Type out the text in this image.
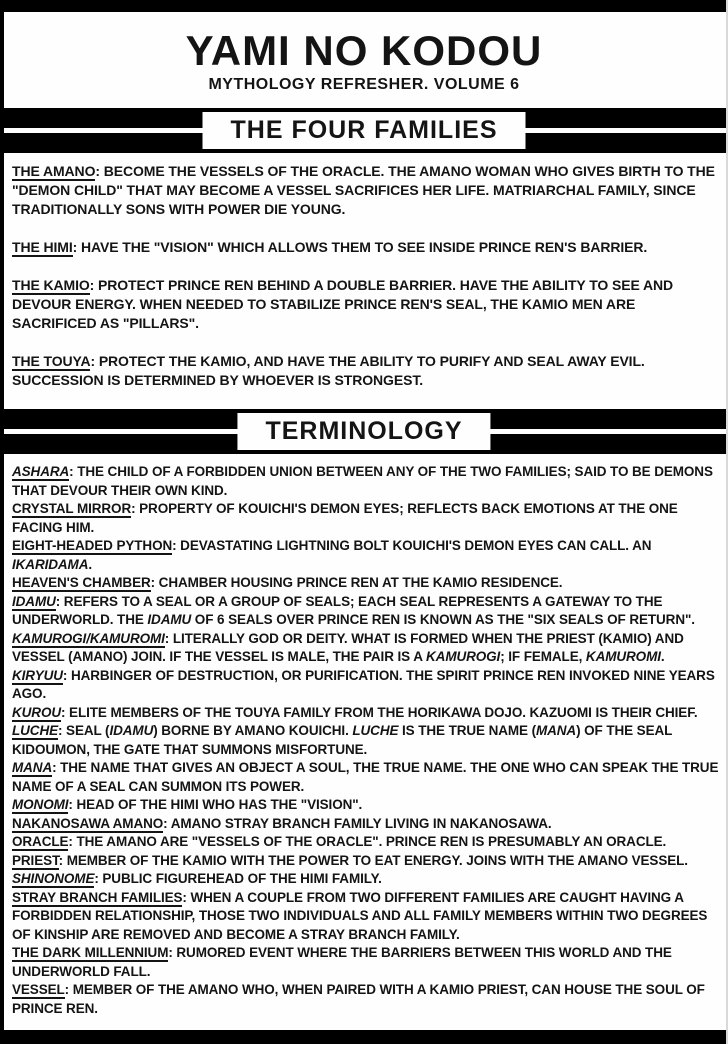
YAMI NO KODOU
MYTHOLOGY REFRESHER. VOLUME 6
THE FOUR FAMILIES

THE AMANO: BECOME THE VESSELS OF THE ORACLE. THE AMANO WOMAN WHO GIVES BIRTH TO THE "DEMON CHILD" THAT MAY BECOME A VESSEL SACRIFICES HER LIFE. MATRIARCHAL FAMILY, SINCE TRADITIONALLY SONS WITH POWER DIE YOUNG.

THE HIMI: HAVE THE "VISION" WHICH ALLOWS THEM TO SEE INSIDE PRINCE REN'S BARRIER.

THE KAMIO: PROTECT PRINCE REN BEHIND A DOUBLE BARRIER. HAVE THE ABILITY TO SEE AND DEVOUR ENERGY. WHEN NEEDED TO STABILIZE PRINCE REN'S SEAL, THE KAMIO MEN ARE SACRIFICED AS "PILLARS".

THE TOUYA: PROTECT THE KAMIO, AND HAVE THE ABILITY TO PURIFY AND SEAL AWAY EVIL. SUCCESSION IS DETERMINED BY WHOEVER IS STRONGEST.

TERMINOLOGY

ASHARA: THE CHILD OF A FORBIDDEN UNION BETWEEN ANY OF THE TWO FAMILIES; SAID TO BE DEMONS THAT DEVOUR THEIR OWN KIND.

CRYSTAL MIRROR: PROPERTY OF KOUICHI'S DEMON EYES; REFLECTS BACK EMOTIONS AT THE ONE FACING HIM.

EIGHT-HEADED PYTHON: DEVASTATING LIGHTNING BOLT KOUICHI'S DEMON EYES CAN CALL. AN IKARIDAMA.

HEAVEN'S CHAMBER: CHAMBER HOUSING PRINCE REN AT THE KAMIO RESIDENCE.

IDAMU: REFERS TO A SEAL OR A GROUP OF SEALS; EACH SEAL REPRESENTS A GATEWAY TO THE UNDERWORLD. THE IDAMU OF 6 SEALS OVER PRINCE REN IS KNOWN AS THE "SIX SEALS OF RETURN".

KAMUROGI/KAMUROMI: LITERALLY GOD OR DEITY. WHAT IS FORMED WHEN THE PRIEST (KAMIO) AND VESSEL (AMANO) JOIN. IF THE VESSEL IS MALE, THE PAIR IS A KAMUROGI; IF FEMALE, KAMUROMI.

KIRYUU: HARBINGER OF DESTRUCTION, OR PURIFICATION. THE SPIRIT PRINCE REN INVOKED NINE YEARS AGO.

KUROU: ELITE MEMBERS OF THE TOUYA FAMILY FROM THE HORIKAWA DOJO. KAZUOMI IS THEIR CHIEF.

LUCHE: SEAL (IDAMU) BORNE BY AMANO KOUICHI. LUCHE IS THE TRUE NAME (MANA) OF THE SEAL KIDOUMON, THE GATE THAT SUMMONS MISFORTUNE.

MANA: THE NAME THAT GIVES AN OBJECT A SOUL, THE TRUE NAME. THE ONE WHO CAN SPEAK THE TRUE NAME OF A SEAL CAN SUMMON ITS POWER.

MONOMI: HEAD OF THE HIMI WHO HAS THE "VISION".

NAKANOSAWA AMANO: AMANO STRAY BRANCH FAMILY LIVING IN NAKANOSAWA.

ORACLE: THE AMANO ARE "VESSELS OF THE ORACLE". PRINCE REN IS PRESUMABLY AN ORACLE.

PRIEST: MEMBER OF THE KAMIO WITH THE POWER TO EAT ENERGY. JOINS WITH THE AMANO VESSEL.

SHINONOME: PUBLIC FIGUREHEAD OF THE HIMI FAMILY.

STRAY BRANCH FAMILIES: WHEN A COUPLE FROM TWO DIFFERENT FAMILIES ARE CAUGHT HAVING A FORBIDDEN RELATIONSHIP, THOSE TWO INDIVIDUALS AND ALL FAMILY MEMBERS WITHIN TWO DEGREES OF KINSHIP ARE REMOVED AND BECOME A STRAY BRANCH FAMILY.

THE DARK MILLENNIUM: RUMORED EVENT WHERE THE BARRIERS BETWEEN THIS WORLD AND THE UNDERWORLD FALL.

VESSEL: MEMBER OF THE AMANO WHO, WHEN PAIRED WITH A KAMIO PRIEST, CAN HOUSE THE SOUL OF PRINCE REN.
